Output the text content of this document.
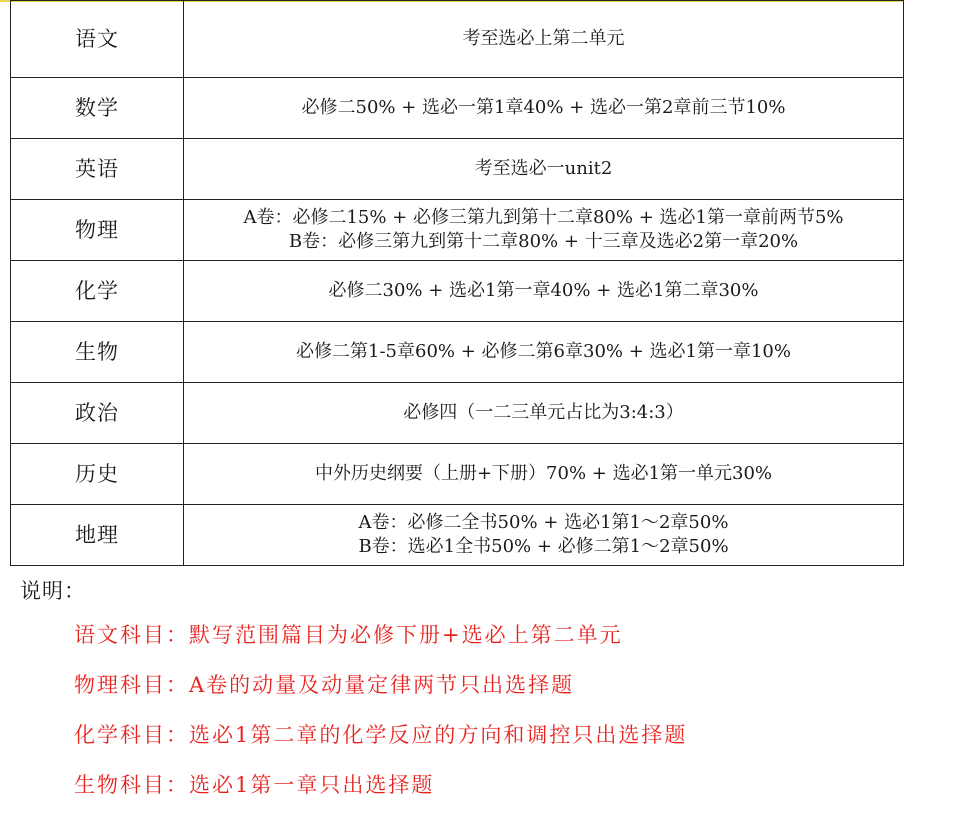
语文	考至选必上第二单元

数学	必修二50% + 选必一第1章40% + 选必一第2章前三节10%

英语	考至选必一unit2

物理	A卷：必修二15% + 必修三第九到第十二章80% + 选必1第一章前两节5%
B卷：必修三第九到第十二章80% + 十三章及选必2第一章20%

化学	必修二30% + 选必1第一章40% + 选必1第二章30%

生物	必修二第1-5章60% + 必修二第6章30% + 选必1第一章10%

政治	必修四（一二三单元占比为3:4:3）

历史	中外历史纲要（上册+下册）70% + 选必1第一单元30%

地理	A卷：必修二全书50% + 选必1第1～2章50%
B卷：选必1全书50% + 必修二第1～2章50%
说明：
语文科目：默写范围篇目为必修下册+选必上第二单元
物理科目：A卷的动量及动量定律两节只出选择题
化学科目：选必1第二章的化学反应的方向和调控只出选择题
生物科目：选必1第一章只出选择题
